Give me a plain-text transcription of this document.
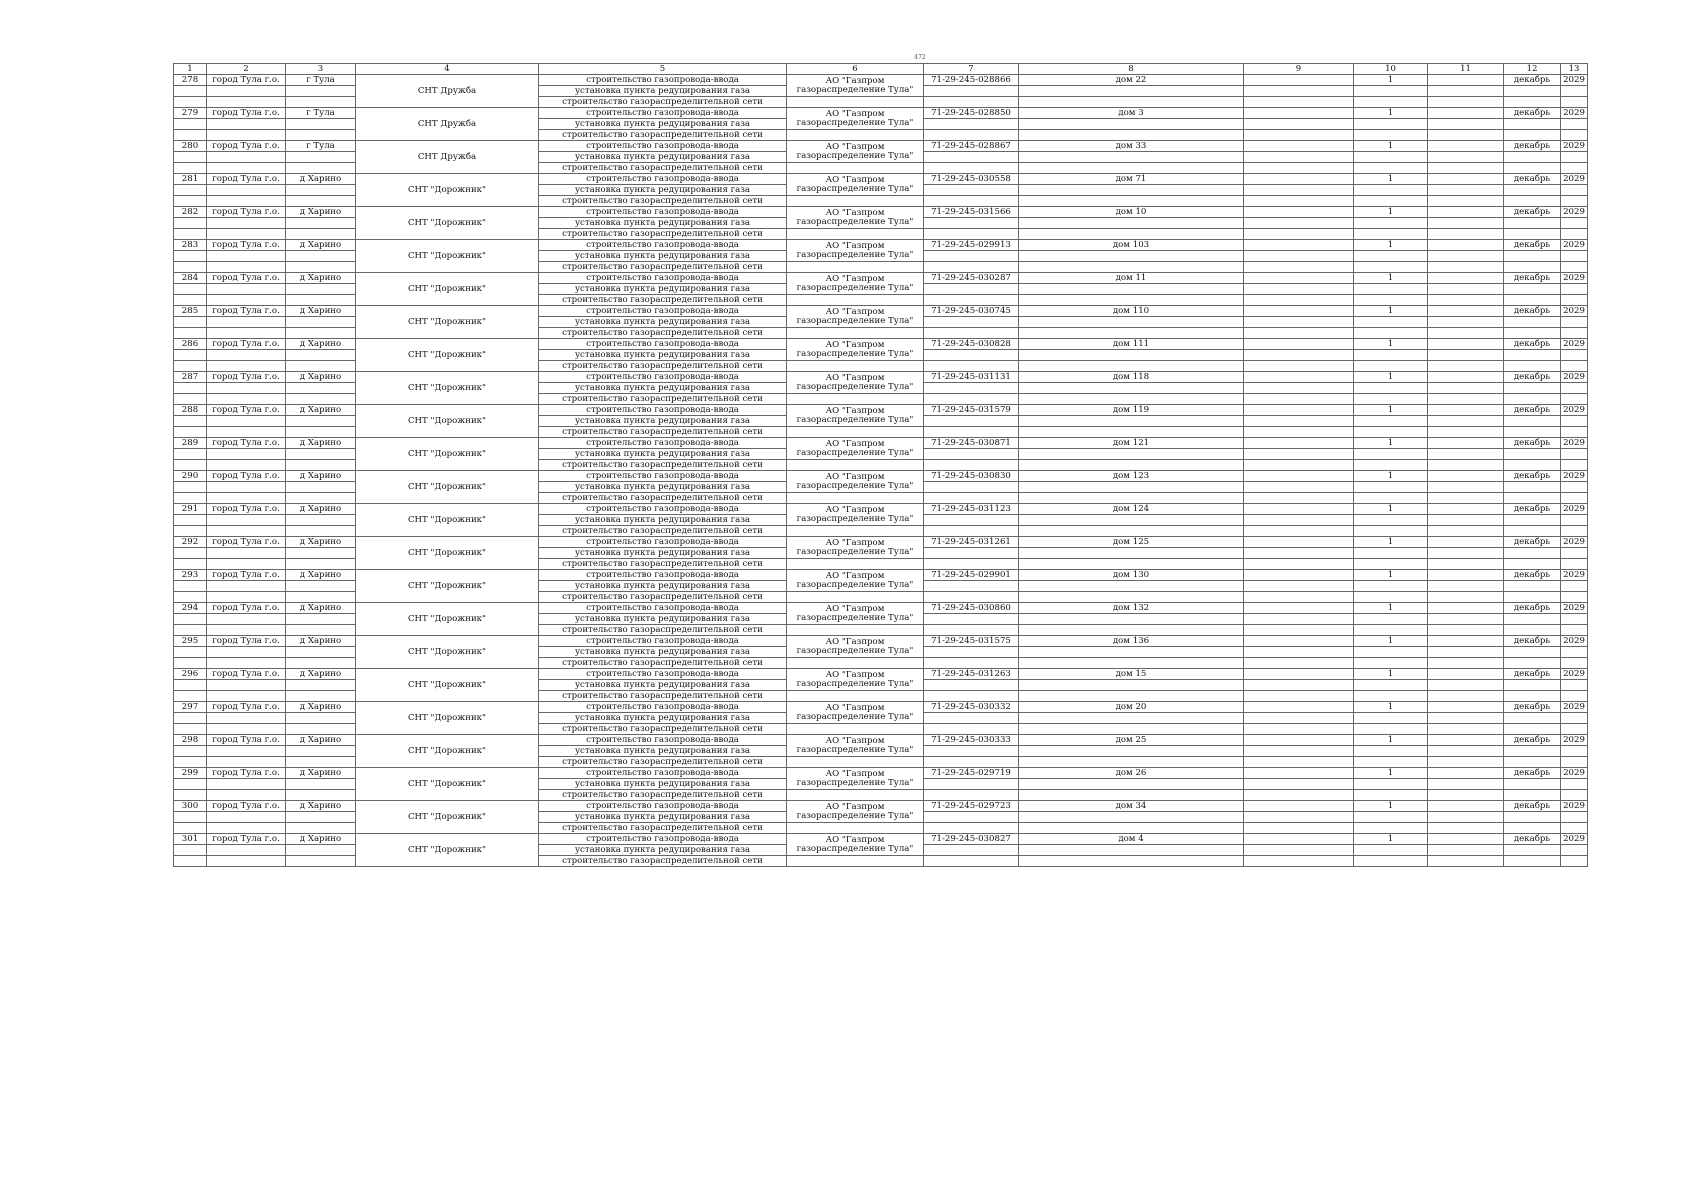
472
1	2	3	4	5	6	7	8	9	10	11	12	13
278	город Тула г.о.	г Тула	СНТ Дружба	строительство газопровода-ввода	АО "Газпром газораспределение Тула"	71-29-245-028866	дом 22		1		декабрь	2029
				установка пункта редуцирования газа								
				строительство газораспределительной сети								
279	город Тула г.о.	г Тула	СНТ Дружба	строительство газопровода-ввода	АО "Газпром газораспределение Тула"	71-29-245-028850	дом 3		1		декабрь	2029
				установка пункта редуцирования газа								
				строительство газораспределительной сети								
280	город Тула г.о.	г Тула	СНТ Дружба	строительство газопровода-ввода	АО "Газпром газораспределение Тула"	71-29-245-028867	дом 33		1		декабрь	2029
				установка пункта редуцирования газа								
				строительство газораспределительной сети								
281	город Тула г.о.	д Харино	СНТ "Дорожник"	строительство газопровода-ввода	АО "Газпром газораспределение Тула"	71-29-245-030558	дом 71		1		декабрь	2029
				установка пункта редуцирования газа								
				строительство газораспределительной сети								
282	город Тула г.о.	д Харино	СНТ "Дорожник"	строительство газопровода-ввода	АО "Газпром газораспределение Тула"	71-29-245-031566	дом 10		1		декабрь	2029
				установка пункта редуцирования газа								
				строительство газораспределительной сети								
283	город Тула г.о.	д Харино	СНТ "Дорожник"	строительство газопровода-ввода	АО "Газпром газораспределение Тула"	71-29-245-029913	дом 103		1		декабрь	2029
				установка пункта редуцирования газа								
				строительство газораспределительной сети								
284	город Тула г.о.	д Харино	СНТ "Дорожник"	строительство газопровода-ввода	АО "Газпром газораспределение Тула"	71-29-245-030287	дом 11		1		декабрь	2029
				установка пункта редуцирования газа								
				строительство газораспределительной сети								
285	город Тула г.о.	д Харино	СНТ "Дорожник"	строительство газопровода-ввода	АО "Газпром газораспределение Тула"	71-29-245-030745	дом 110		1		декабрь	2029
				установка пункта редуцирования газа								
				строительство газораспределительной сети								
286	город Тула г.о.	д Харино	СНТ "Дорожник"	строительство газопровода-ввода	АО "Газпром газораспределение Тула"	71-29-245-030828	дом 111		1		декабрь	2029
				установка пункта редуцирования газа								
				строительство газораспределительной сети								
287	город Тула г.о.	д Харино	СНТ "Дорожник"	строительство газопровода-ввода	АО "Газпром газораспределение Тула"	71-29-245-031131	дом 118		1		декабрь	2029
				установка пункта редуцирования газа								
				строительство газораспределительной сети								
288	город Тула г.о.	д Харино	СНТ "Дорожник"	строительство газопровода-ввода	АО "Газпром газораспределение Тула"	71-29-245-031579	дом 119		1		декабрь	2029
				установка пункта редуцирования газа								
				строительство газораспределительной сети								
289	город Тула г.о.	д Харино	СНТ "Дорожник"	строительство газопровода-ввода	АО "Газпром газораспределение Тула"	71-29-245-030871	дом 121		1		декабрь	2029
				установка пункта редуцирования газа								
				строительство газораспределительной сети								
290	город Тула г.о.	д Харино	СНТ "Дорожник"	строительство газопровода-ввода	АО "Газпром газораспределение Тула"	71-29-245-030830	дом 123		1		декабрь	2029
				установка пункта редуцирования газа								
				строительство газораспределительной сети								
291	город Тула г.о.	д Харино	СНТ "Дорожник"	строительство газопровода-ввода	АО "Газпром газораспределение Тула"	71-29-245-031123	дом 124		1		декабрь	2029
				установка пункта редуцирования газа								
				строительство газораспределительной сети								
292	город Тула г.о.	д Харино	СНТ "Дорожник"	строительство газопровода-ввода	АО "Газпром газораспределение Тула"	71-29-245-031261	дом 125		1		декабрь	2029
				установка пункта редуцирования газа								
				строительство газораспределительной сети								
293	город Тула г.о.	д Харино	СНТ "Дорожник"	строительство газопровода-ввода	АО "Газпром газораспределение Тула"	71-29-245-029901	дом 130		1		декабрь	2029
				установка пункта редуцирования газа								
				строительство газораспределительной сети								
294	город Тула г.о.	д Харино	СНТ "Дорожник"	строительство газопровода-ввода	АО "Газпром газораспределение Тула"	71-29-245-030860	дом 132		1		декабрь	2029
				установка пункта редуцирования газа								
				строительство газораспределительной сети								
295	город Тула г.о.	д Харино	СНТ "Дорожник"	строительство газопровода-ввода	АО "Газпром газораспределение Тула"	71-29-245-031575	дом 136		1		декабрь	2029
				установка пункта редуцирования газа								
				строительство газораспределительной сети								
296	город Тула г.о.	д Харино	СНТ "Дорожник"	строительство газопровода-ввода	АО "Газпром газораспределение Тула"	71-29-245-031263	дом 15		1		декабрь	2029
				установка пункта редуцирования газа								
				строительство газораспределительной сети								
297	город Тула г.о.	д Харино	СНТ "Дорожник"	строительство газопровода-ввода	АО "Газпром газораспределение Тула"	71-29-245-030332	дом 20		1		декабрь	2029
				установка пункта редуцирования газа								
				строительство газораспределительной сети								
298	город Тула г.о.	д Харино	СНТ "Дорожник"	строительство газопровода-ввода	АО "Газпром газораспределение Тула"	71-29-245-030333	дом 25		1		декабрь	2029
				установка пункта редуцирования газа								
				строительство газораспределительной сети								
299	город Тула г.о.	д Харино	СНТ "Дорожник"	строительство газопровода-ввода	АО "Газпром газораспределение Тула"	71-29-245-029719	дом 26		1		декабрь	2029
				установка пункта редуцирования газа								
				строительство газораспределительной сети								
300	город Тула г.о.	д Харино	СНТ "Дорожник"	строительство газопровода-ввода	АО "Газпром газораспределение Тула"	71-29-245-029723	дом 34		1		декабрь	2029
				установка пункта редуцирования газа								
				строительство газораспределительной сети								
301	город Тула г.о.	д Харино	СНТ "Дорожник"	строительство газопровода-ввода	АО "Газпром газораспределение Тула"	71-29-245-030827	дом 4		1		декабрь	2029
				установка пункта редуцирования газа								
				строительство газораспределительной сети								
